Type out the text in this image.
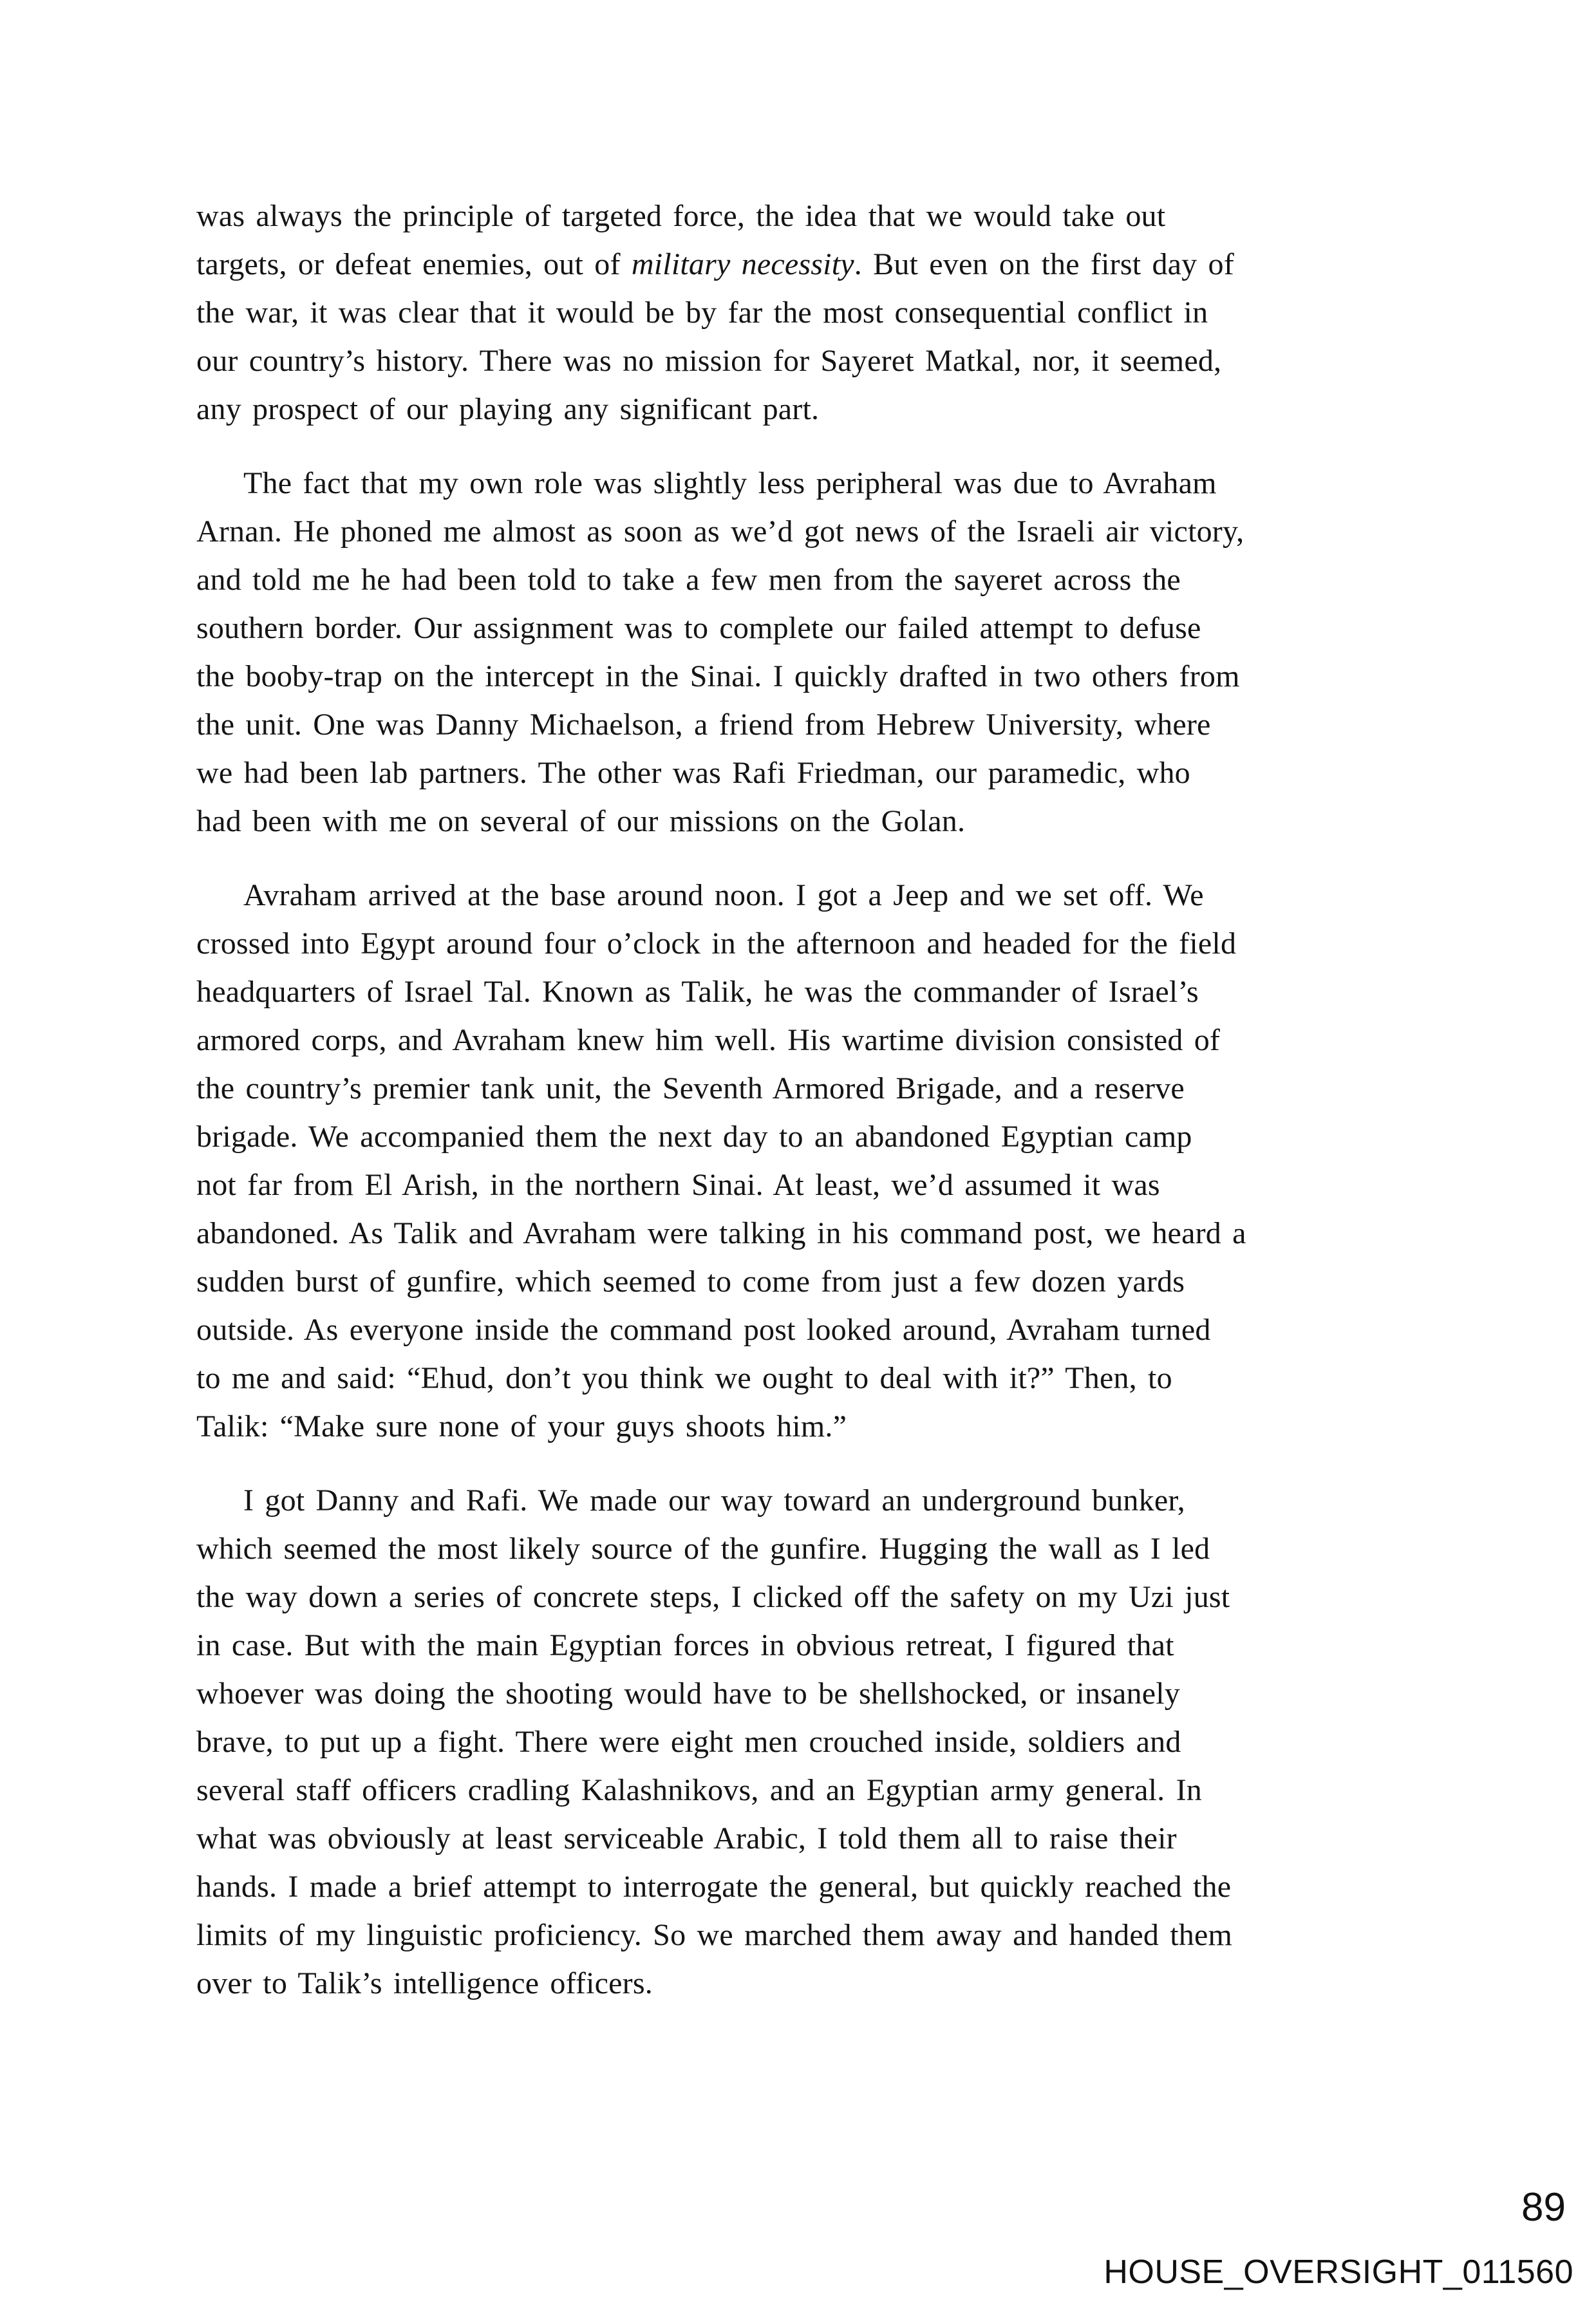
was always the principle of targeted force, the idea that we would take out
targets, or defeat enemies, out of military necessity. But even on the first day of
the war, it was clear that it would be by far the most consequential conflict in
our country’s history. There was no mission for Sayeret Matkal, nor, it seemed,
any prospect of our playing any significant part.
The fact that my own role was slightly less peripheral was due to Avraham
Arnan. He phoned me almost as soon as we’d got news of the Israeli air victory,
and told me he had been told to take a few men from the sayeret across the
southern border. Our assignment was to complete our failed attempt to defuse
the booby-trap on the intercept in the Sinai. I quickly drafted in two others from
the unit. One was Danny Michaelson, a friend from Hebrew University, where
we had been lab partners. The other was Rafi Friedman, our paramedic, who
had been with me on several of our missions on the Golan.
Avraham arrived at the base around noon. I got a Jeep and we set off. We
crossed into Egypt around four o’clock in the afternoon and headed for the field
headquarters of Israel Tal. Known as Talik, he was the commander of Israel’s
armored corps, and Avraham knew him well. His wartime division consisted of
the country’s premier tank unit, the Seventh Armored Brigade, and a reserve
brigade. We accompanied them the next day to an abandoned Egyptian camp
not far from El Arish, in the northern Sinai. At least, we’d assumed it was
abandoned. As Talik and Avraham were talking in his command post, we heard a
sudden burst of gunfire, which seemed to come from just a few dozen yards
outside. As everyone inside the command post looked around, Avraham turned
to me and said: “Ehud, don’t you think we ought to deal with it?” Then, to
Talik: “Make sure none of your guys shoots him.”
I got Danny and Rafi. We made our way toward an underground bunker,
which seemed the most likely source of the gunfire. Hugging the wall as I led
the way down a series of concrete steps, I clicked off the safety on my Uzi just
in case. But with the main Egyptian forces in obvious retreat, I figured that
whoever was doing the shooting would have to be shellshocked, or insanely
brave, to put up a fight. There were eight men crouched inside, soldiers and
several staff officers cradling Kalashnikovs, and an Egyptian army general. In
what was obviously at least serviceable Arabic, I told them all to raise their
hands. I made a brief attempt to interrogate the general, but quickly reached the
limits of my linguistic proficiency. So we marched them away and handed them
over to Talik’s intelligence officers.
89
HOUSE_OVERSIGHT_011560
